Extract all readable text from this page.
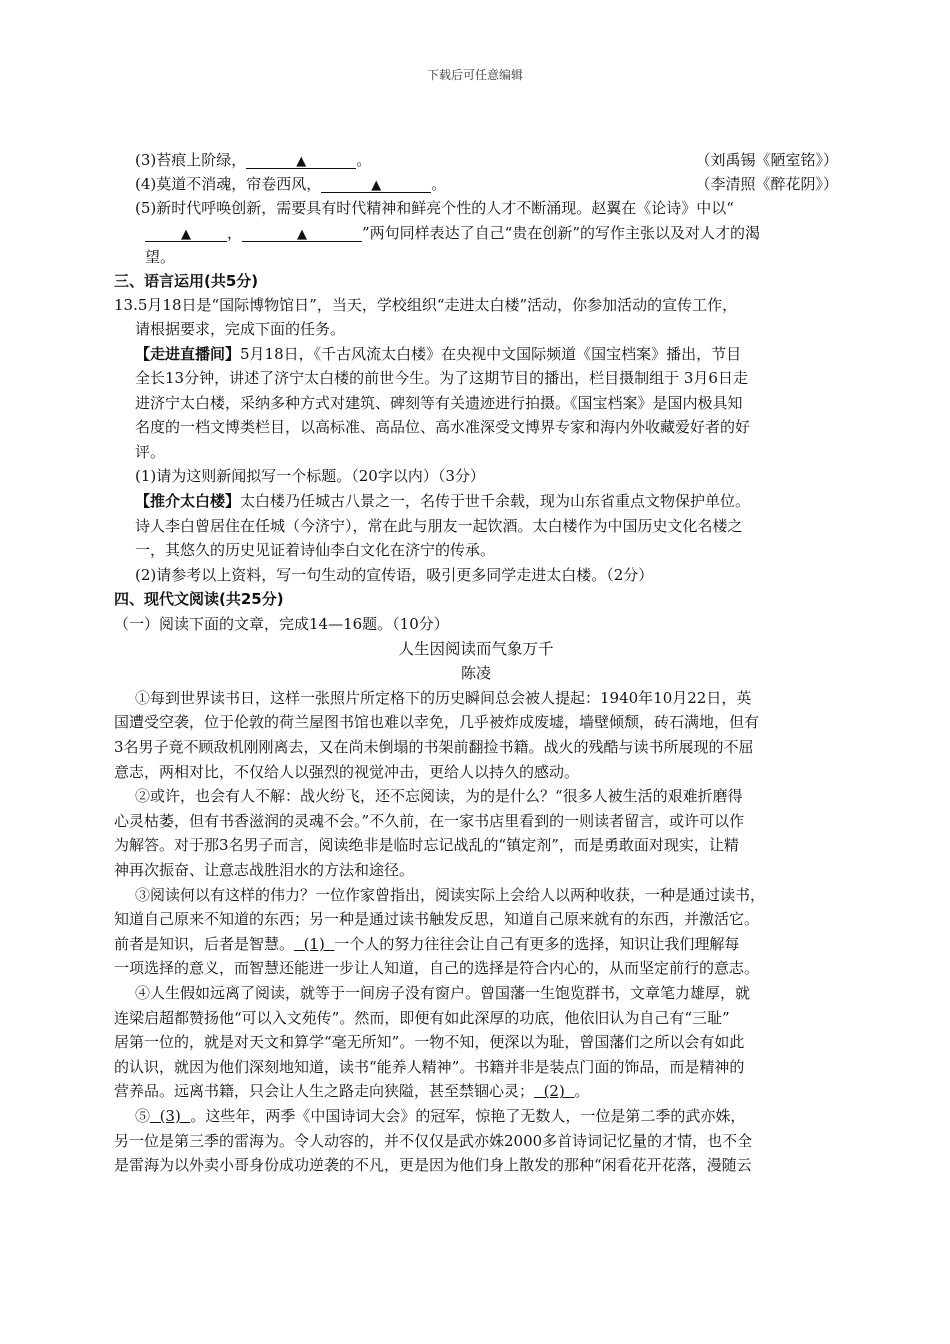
下载后可任意编辑
(3)苔痕上阶绿，	▲	。	（刘禹锡《陋室铭》）
(4)莫道不消魂，帘卷西风，	▲	。	（李清照《醉花阴》）
(5)新时代呼唤创新，需要具有时代精神和鲜亮个性的人才不断涌现。赵翼在《论诗》中以“
▲ ，	▲	”两句同样表达了自己“贵在创新”的写作主张以及对人才的渴
望。
三、语言运用(共5分)
13.5月18日是“国际博物馆日”，当天，学校组织“走进太白楼”活动，你参加活动的宣传工作，
请根据要求，完成下面的任务。
【走进直播间】5月18日，《千古风流太白楼》在央视中文国际频道《国宝档案》播出，节目
全长13分钟，讲述了济宁太白楼的前世今生。为了这期节目的播出，栏目摄制组于 3月6日走
进济宁太白楼，采纳多种方式对建筑、碑刻等有关遗迹进行拍摄。《国宝档案》是国内极具知
名度的一档文博类栏目，以高标准、高品位、高水准深受文博界专家和海内外收藏爱好者的好
评。
(1)请为这则新闻拟写一个标题。（20字以内）（3分）
【推介太白楼】太白楼乃任城古八景之一，名传于世千余载，现为山东省重点文物保护单位。
诗人李白曾居住在任城（今济宁），常在此与朋友一起饮酒。太白楼作为中国历史文化名楼之
一，其悠久的历史见证着诗仙李白文化在济宁的传承。
(2)请参考以上资料，写一句生动的宣传语，吸引更多同学走进太白楼。（2分）
四、现代文阅读(共25分)
（一）阅读下面的文章，完成14—16题。（10分）
人生因阅读而气象万千
陈凌
①每到世界读书日，这样一张照片所定格下的历史瞬间总会被人提起：1940年10月22日，英
国遭受空袭，位于伦敦的荷兰屋图书馆也难以幸免，几乎被炸成废墟，墙壁倾颓，砖石满地，但有
3名男子竟不顾敌机刚刚离去，又在尚未倒塌的书架前翻捡书籍。战火的残酷与读书所展现的不屈
意志，两相对比，不仅给人以强烈的视觉冲击，更给人以持久的感动。
②或许，也会有人不解：战火纷飞，还不忘阅读，为的是什么？“很多人被生活的艰难折磨得
心灵枯萎，但有书香滋润的灵魂不会。”不久前，在一家书店里看到的一则读者留言，或许可以作
为解答。对于那3名男子而言，阅读绝非是临时忘记战乱的“镇定剂”，而是勇敢面对现实，让精
神再次振奋、让意志战胜泪水的方法和途径。
③阅读何以有这样的伟力？一位作家曾指出，阅读实际上会给人以两种收获，一种是通过读书，
知道自己原来不知道的东西；另一种是通过读书触发反思，知道自己原来就有的东西，并激活它。
前者是知识，后者是智慧。 (1) 一个人的努力往往会让自己有更多的选择，知识让我们理解每
一项选择的意义，而智慧还能进一步让人知道，自己的选择是符合内心的，从而坚定前行的意志。
④人生假如远离了阅读，就等于一间房子没有窗户。曾国藩一生饱览群书，文章笔力雄厚，就
连梁启超都赞扬他“可以入文苑传”。然而，即便有如此深厚的功底，他依旧认为自己有“三耻”
居第一位的，就是对天文和算学“毫无所知”。一物不知，便深以为耻，曾国藩们之所以会有如此
的认识，就因为他们深刻地知道，读书“能养人精神”。书籍并非是装点门面的饰品，而是精神的
营养品。远离书籍，只会让人生之路走向狭隘，甚至禁锢心灵； (2) 。
⑤ (3) 。这些年，两季《中国诗词大会》的冠军，惊艳了无数人，一位是第二季的武亦姝，
另一位是第三季的雷海为。令人动容的，并不仅仅是武亦姝2000多首诗词记忆量的才情，也不全
是雷海为以外卖小哥身份成功逆袭的不凡，更是因为他们身上散发的那种“闲看花开花落，漫随云
